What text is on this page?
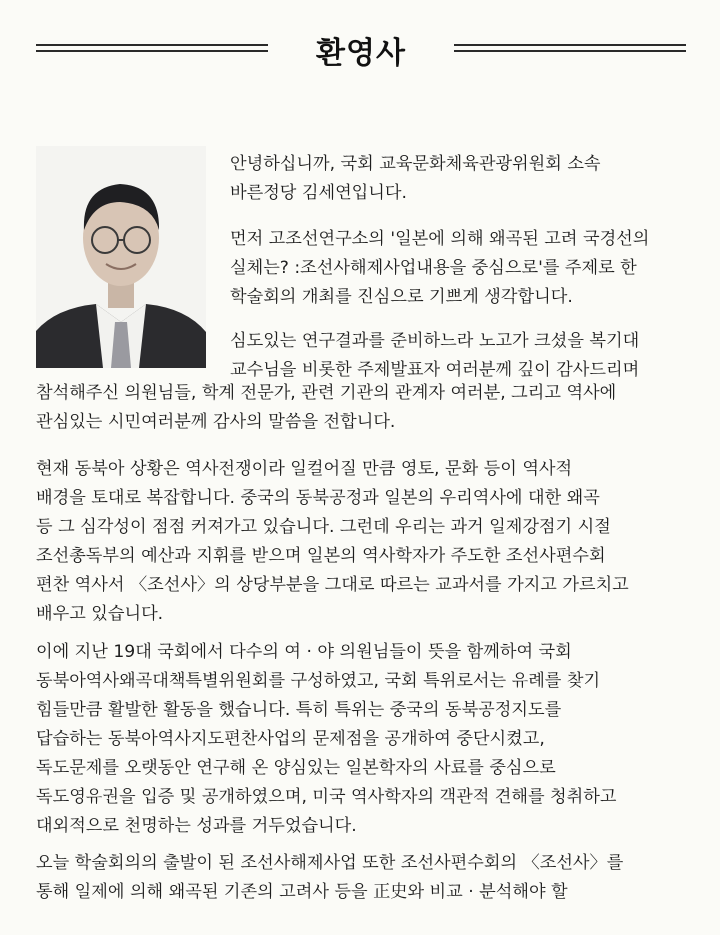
환영사
안녕하십니까, 국회 교육문화체육관광위원회 소속
바른정당 김세연입니다.
먼저 고조선연구소의 '일본에 의해 왜곡된 고려 국경선의
실체는? :조선사해제사업내용을 중심으로'를 주제로 한
학술회의 개최를 진심으로 기쁘게 생각합니다.
심도있는 연구결과를 준비하느라 노고가 크셨을 복기대
교수님을 비롯한 주제발표자 여러분께 깊이 감사드리며
참석해주신 의원님들, 학계 전문가, 관련 기관의 관계자 여러분, 그리고 역사에
관심있는 시민여러분께 감사의 말씀을 전합니다.
현재 동북아 상황은 역사전쟁이라 일컬어질 만큼 영토, 문화 등이 역사적
배경을 토대로 복잡합니다. 중국의 동북공정과 일본의 우리역사에 대한 왜곡
등 그 심각성이 점점 커져가고 있습니다. 그런데 우리는 과거 일제강점기 시절
조선총독부의 예산과 지휘를 받으며 일본의 역사학자가 주도한 조선사편수회
편찬 역사서 〈조선사〉의 상당부분을 그대로 따르는 교과서를 가지고 가르치고
배우고 있습니다.
이에 지난 19대 국회에서 다수의 여 · 야 의원님들이 뜻을 함께하여 국회
동북아역사왜곡대책특별위원회를 구성하였고, 국회 특위로서는 유례를 찾기
힘들만큼 활발한 활동을 했습니다. 특히 특위는 중국의 동북공정지도를
답습하는 동북아역사지도편찬사업의 문제점을 공개하여 중단시켰고,
독도문제를 오랫동안 연구해 온 양심있는 일본학자의 사료를 중심으로
독도영유권을 입증 및 공개하였으며, 미국 역사학자의 객관적 견해를 청취하고
대외적으로 천명하는 성과를 거두었습니다.
오늘 학술회의의 출발이 된 조선사해제사업 또한 조선사편수회의 〈조선사〉를
통해 일제에 의해 왜곡된 기존의 고려사 등을 正史와 비교 · 분석해야 할
